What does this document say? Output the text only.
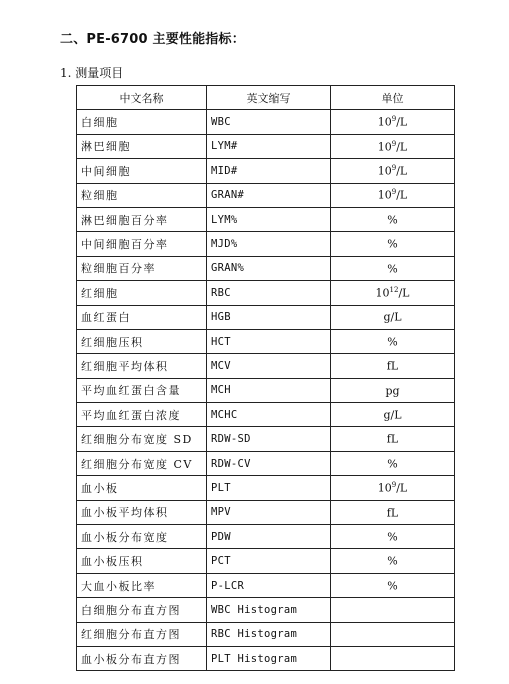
二、PE-6700 主要性能指标：
1. 测量项目
中文名称	英文缩写	单位
白细胞	WBC	$10^9/L$
淋巴细胞	LYM#	$10^9/L$
中间细胞	MID#	$10^9/L$
粒细胞	GRAN#	$10^9/L$
淋巴细胞百分率	LYM%	%
中间细胞百分率	MJD%	%
粒细胞百分率	GRAN%	%
红细胞	RBC	$10^{12}/L$
血红蛋白	HGB	g/L
红细胞压积	HCT	%
红细胞平均体积	MCV	fL
平均血红蛋白含量	MCH	pg
平均血红蛋白浓度	MCHC	g/L
红细胞分布宽度 SD	RDW-SD	fL
红细胞分布宽度 CV	RDW-CV	%
血小板	PLT	$10^9/L$
血小板平均体积	MPV	fL
血小板分布宽度	PDW	%
血小板压积	PCT	%
大血小板比率	P-LCR	%
白细胞分布直方图	WBC Histogram	
红细胞分布直方图	RBC Histogram	
血小板分布直方图	PLT Histogram	
